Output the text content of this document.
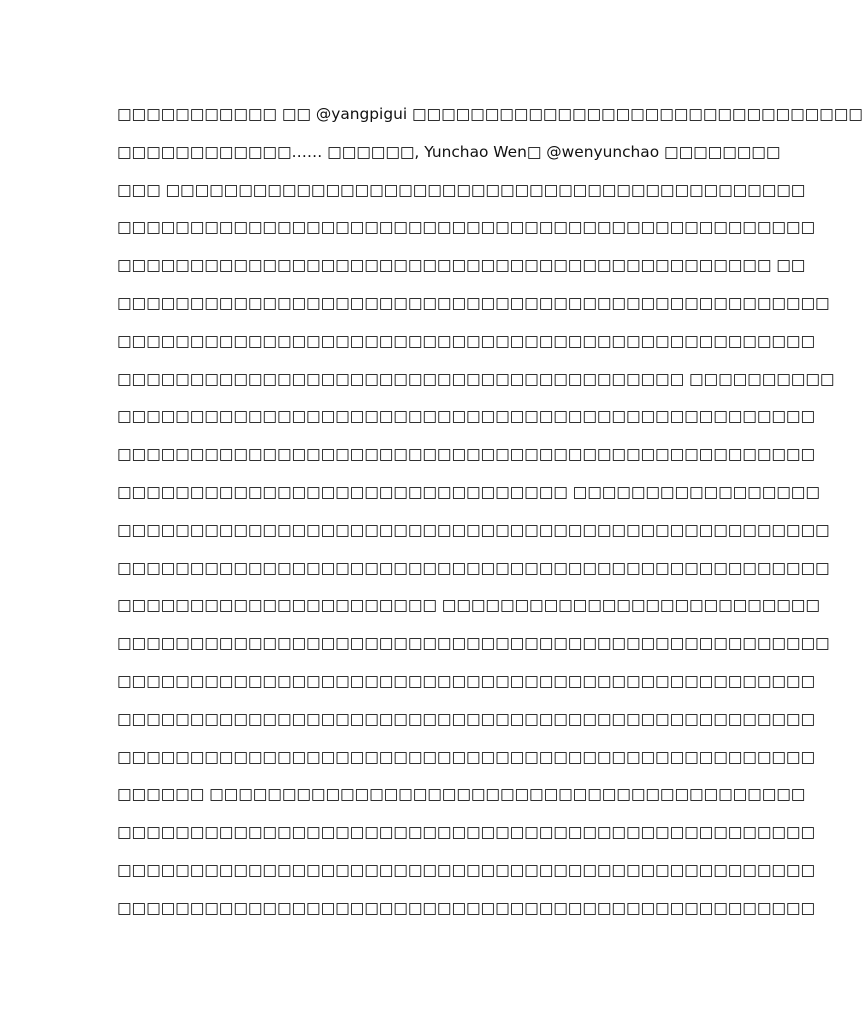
□□□□□□□□□□□ □□ @yangpigui □□□□□□□□□□□□□□□□□□□□□□□□□□□□□□□
□□□□□□□□□□□□…… □□□□□□, Yunchao Wen□ @wenyunchao □□□□□□□□
□□□ □□□□□□□□□□□□□□□□□□□□□□□□□□□□□□□□□□□□□□□□□□□□
□□□□□□□□□□□□□□□□□□□□□□□□□□□□□□□□□□□□□□□□□□□□□□□□
□□□□□□□□□□□□□□□□□□□□□□□□□□□□□□□□□□□□□□□□□□□□□ □□
□□□□□□□□□□□□□□□□□□□□□□□□□□□□□□□□□□□□□□□□□□□□□□□□□
□□□□□□□□□□□□□□□□□□□□□□□□□□□□□□□□□□□□□□□□□□□□□□□□
□□□□□□□□□□□□□□□□□□□□□□□□□□□□□□□□□□□□□□□ □□□□□□□□□□
□□□□□□□□□□□□□□□□□□□□□□□□□□□□□□□□□□□□□□□□□□□□□□□□
□□□□□□□□□□□□□□□□□□□□□□□□□□□□□□□□□□□□□□□□□□□□□□□□
□□□□□□□□□□□□□□□□□□□□□□□□□□□□□□□ □□□□□□□□□□□□□□□□□
□□□□□□□□□□□□□□□□□□□□□□□□□□□□□□□□□□□□□□□□□□□□□□□□□
□□□□□□□□□□□□□□□□□□□□□□□□□□□□□□□□□□□□□□□□□□□□□□□□□
□□□□□□□□□□□□□□□□□□□□□□ □□□□□□□□□□□□□□□□□□□□□□□□□□
□□□□□□□□□□□□□□□□□□□□□□□□□□□□□□□□□□□□□□□□□□□□□□□□□
□□□□□□□□□□□□□□□□□□□□□□□□□□□□□□□□□□□□□□□□□□□□□□□□
□□□□□□□□□□□□□□□□□□□□□□□□□□□□□□□□□□□□□□□□□□□□□□□□
□□□□□□□□□□□□□□□□□□□□□□□□□□□□□□□□□□□□□□□□□□□□□□□□
□□□□□□ □□□□□□□□□□□□□□□□□□□□□□□□□□□□□□□□□□□□□□□□□
□□□□□□□□□□□□□□□□□□□□□□□□□□□□□□□□□□□□□□□□□□□□□□□□
□□□□□□□□□□□□□□□□□□□□□□□□□□□□□□□□□□□□□□□□□□□□□□□□
□□□□□□□□□□□□□□□□□□□□□□□□□□□□□□□□□□□□□□□□□□□□□□□□
